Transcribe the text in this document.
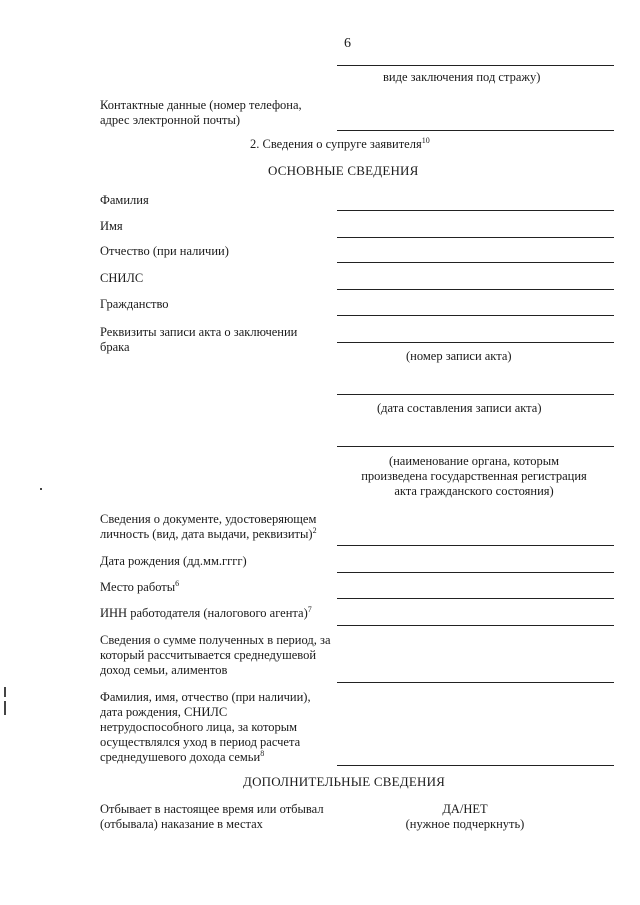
6
виде заключения под стражу)
Контактные данные (номер телефона, адрес электронной почты)
2. Сведения о супруге заявителя$^{10}$
ОСНОВНЫЕ СВЕДЕНИЯ
Фамилия
Имя
Отчество (при наличии)
СНИЛС
Гражданство
Реквизиты записи акта о заключении брака
(номер записи акта)
(дата составления записи акта)
(наименование органа, которым произведена государственная регистрация акта гражданского состояния)
Сведения о документе, удостоверяющем личность (вид, дата выдачи, реквизиты)$^2$
Дата рождения (дд.мм.гггг)
Место работы$^6$
ИНН работодателя (налогового агента)$^7$
Сведения о сумме полученных в период, за который рассчитывается среднедушевой доход семьи, алиментов
Фамилия, имя, отчество (при наличии), дата рождения, СНИЛС нетрудоспособного лица, за которым осуществлялся уход в период расчета среднедушевого дохода семьи$^8$
ДОПОЛНИТЕЛЬНЫЕ СВЕДЕНИЯ
Отбывает в настоящее время или отбывал (отбывала) наказание в местах
ДА/НЕТ
(нужное подчеркнуть)
